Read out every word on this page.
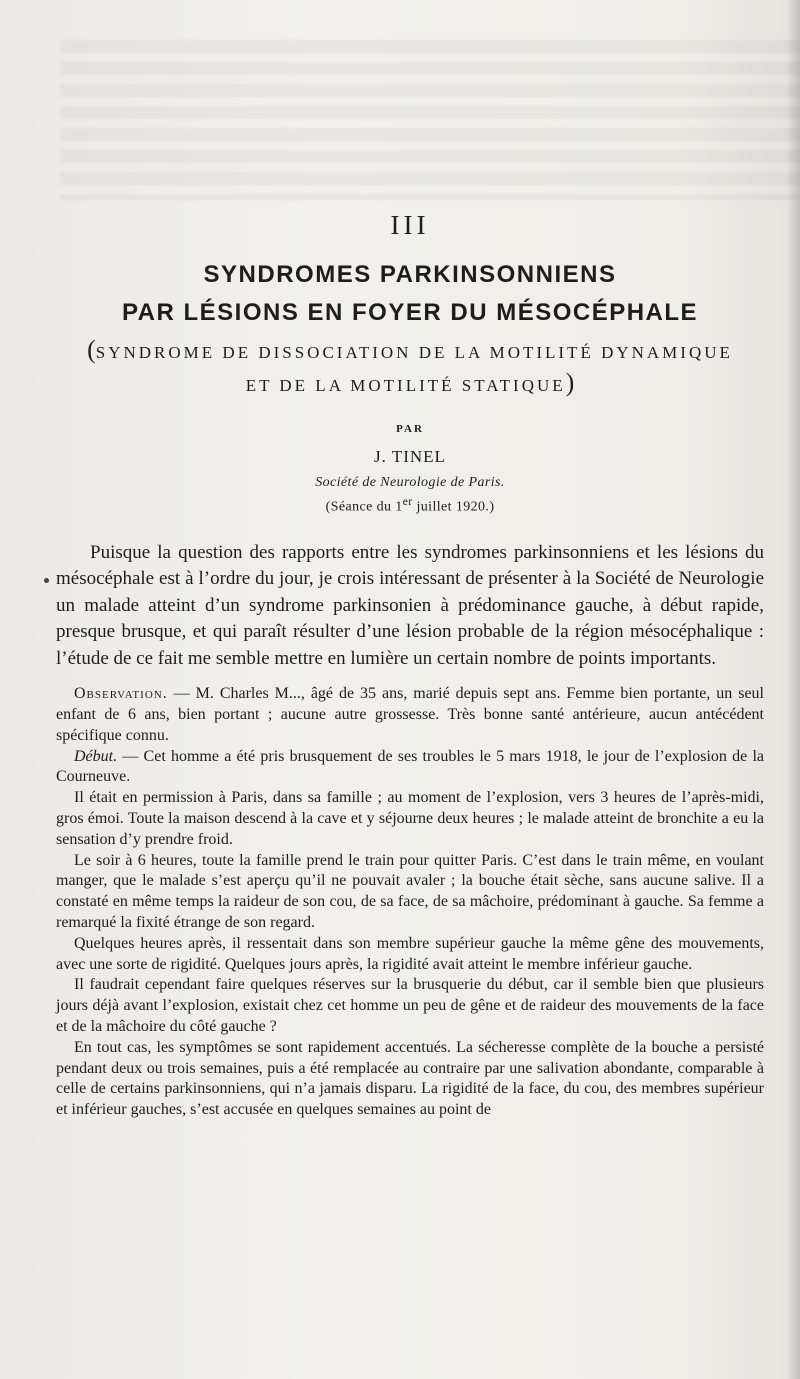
III
SYNDROMES PARKINSONNIENS
PAR LÉSIONS EN FOYER DU MÉSOCÉPHALE

(SYNDROME DE DISSOCIATION DE LA MOTILITÉ DYNAMIQUE
ET DE LA MOTILITÉ STATIQUE)

PAR

J. TINEL

Société de Neurologie de Paris.

(Séance du 1er juillet 1920.)

Puisque la question des rapports entre les syndromes parkinsonniens et les lésions du mésocéphale est à l’ordre du jour, je crois intéressant de présenter à la Société de Neurologie un malade atteint d’un syndrome parkinsonien à prédominance gauche, à début rapide, presque brusque, et qui paraît résulter d’une lésion probable de la région mésocéphalique : l’étude de ce fait me semble mettre en lumière un certain nombre de points importants.

Observation. — M. Charles M..., âgé de 35 ans, marié depuis sept ans. Femme bien portante, un seul enfant de 6 ans, bien portant ; aucune autre grossesse. Très bonne santé antérieure, aucun antécédent spécifique connu.

Début. — Cet homme a été pris brusquement de ses troubles le 5 mars 1918, le jour de l’explosion de la Courneuve.

Il était en permission à Paris, dans sa famille ; au moment de l’explosion, vers 3 heures de l’après-midi, gros émoi. Toute la maison descend à la cave et y séjourne deux heures ; le malade atteint de bronchite a eu la sensation d’y prendre froid.

Le soir à 6 heures, toute la famille prend le train pour quitter Paris. C’est dans le train même, en voulant manger, que le malade s’est aperçu qu’il ne pouvait avaler ; la bouche était sèche, sans aucune salive. Il a constaté en même temps la raideur de son cou, de sa face, de sa mâchoire, prédominant à gauche. Sa femme a remarqué la fixité étrange de son regard.

Quelques heures après, il ressentait dans son membre supérieur gauche la même gêne des mouvements, avec une sorte de rigidité. Quelques jours après, la rigidité avait atteint le membre inférieur gauche.

Il faudrait cependant faire quelques réserves sur la brusquerie du début, car il semble bien que plusieurs jours déjà avant l’explosion, existait chez cet homme un peu de gêne et de raideur des mouvements de la face et de la mâchoire du côté gauche ?

En tout cas, les symptômes se sont rapidement accentués. La sécheresse complète de la bouche a persisté pendant deux ou trois semaines, puis a été remplacée au contraire par une salivation abondante, comparable à celle de certains parkinsonniens, qui n’a jamais disparu. La rigidité de la face, du cou, des membres supérieur et inférieur gauches, s’est accusée en quelques semaines au point de
